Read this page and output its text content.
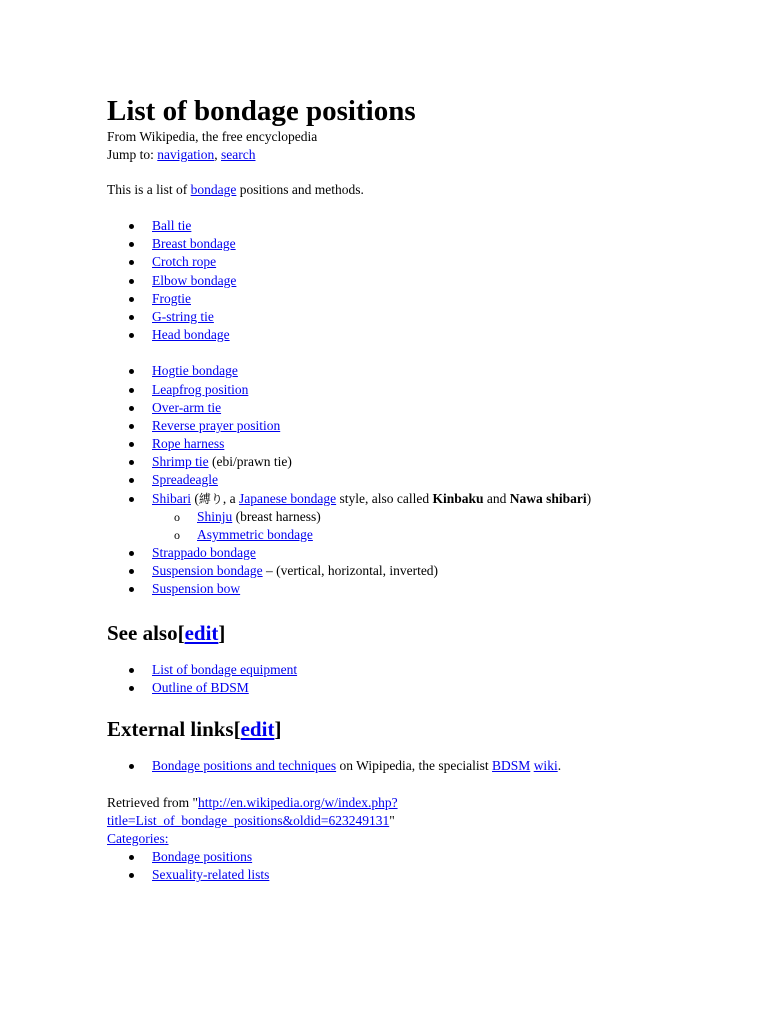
List of bondage positions

From Wikipedia, the free encyclopedia

Jump to: navigation, search

This is a list of bondage positions and methods.

Ball tie
Breast bondage
Crotch rope
Elbow bondage
Frogtie
G-string tie
Head bondage
Hogtie bondage
Leapfrog position
Over-arm tie
Reverse prayer position
Rope harness
Shrimp tie (ebi/prawn tie)
Spreadeagle
Shibari (縛り, a Japanese bondage style, also called Kinbaku and Nawa shibari)
o Shinju (breast harness)
o Asymmetric bondage
Strappado bondage
Suspension bondage – (vertical, horizontal, inverted)
Suspension bow
See also[edit]
List of bondage equipment
Outline of BDSM
External links[edit]
Bondage positions and techniques on Wipipedia, the specialist BDSM wiki.

Retrieved from "http://en.wikipedia.org/w/index.php?
title=List_of_bondage_positions&oldid=623249131"

Categories:

Bondage positions
Sexuality-related lists
